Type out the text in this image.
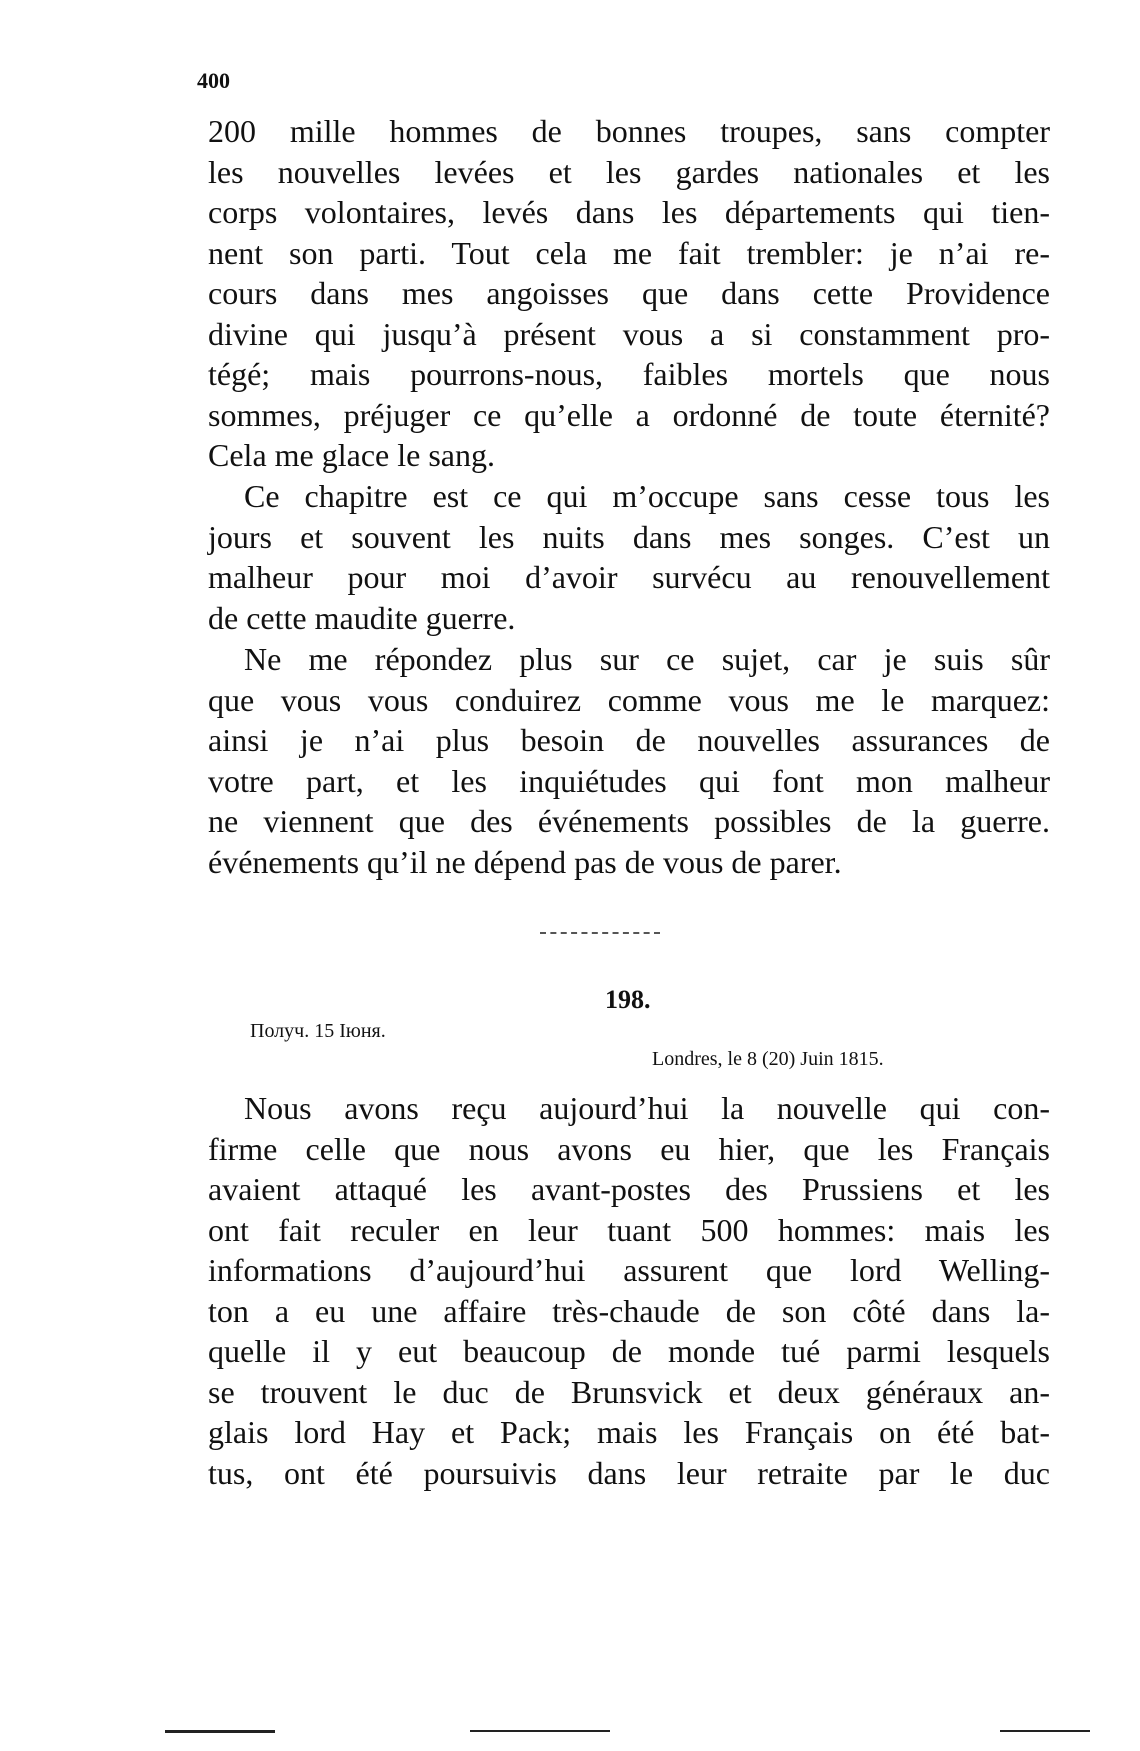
400
200 mille hommes de bonnes troupes, sans compter
les nouvelles levées et les gardes nationales et les
corps volontaires, levés dans les départements qui tien-
nent son parti. Tout cela me fait trembler: je n’ai re-
cours dans mes angoisses que dans cette Providence
divine qui jusqu’à présent vous a si constamment pro-
tégé; mais pourrons-nous, faibles mortels que nous
sommes, préjuger ce qu’elle a ordonné de toute éternité?
Cela me glace le sang.
Ce chapitre est ce qui m’occupe sans cesse tous les
jours et souvent les nuits dans mes songes. C’est un
malheur pour moi d’avoir survécu au renouvellement
de cette maudite guerre.
Ne me répondez plus sur ce sujet, car je suis sûr
que vous vous conduirez comme vous me le marquez:
ainsi je n’ai plus besoin de nouvelles assurances de
votre part, et les inquiétudes qui font mon malheur
ne viennent que des événements possibles de la guerre.
événements qu’il ne dépend pas de vous de parer.
198.
Получ. 15 Іюня.
Londres, le 8 (20) Juin 1815.
Nous avons reçu aujourd’hui la nouvelle qui con-
firme celle que nous avons eu hier, que les Français
avaient attaqué les avant-postes des Prussiens et les
ont fait reculer en leur tuant 500 hommes: mais les
informations d’aujourd’hui assurent que lord Welling-
ton a eu une affaire très-chaude de son côté dans la-
quelle il y eut beaucoup de monde tué parmi lesquels
se trouvent le duc de Brunsvick et deux généraux an-
glais lord Hay et Pack; mais les Français on été bat-
tus, ont été poursuivis dans leur retraite par le duc
